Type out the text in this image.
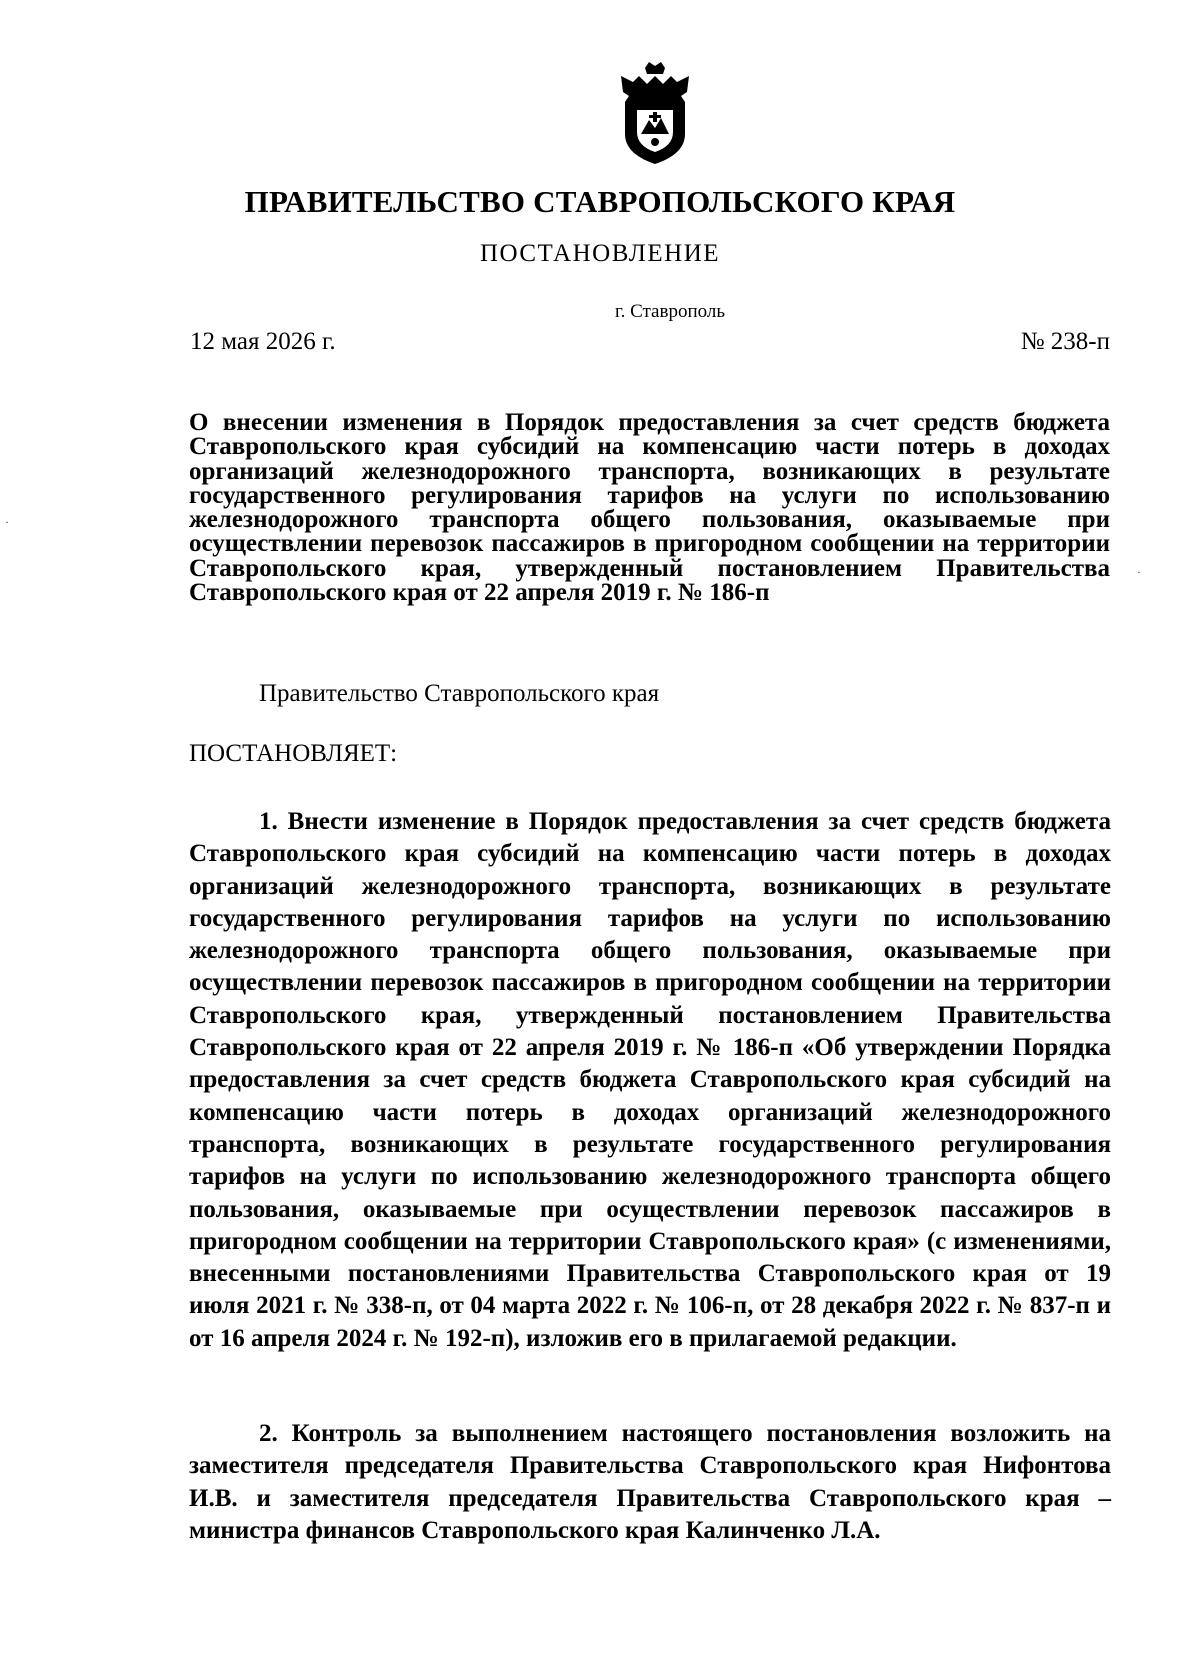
ПРАВИТЕЛЬСТВО СТАВРОПОЛЬСКОГО КРАЯ
ПОСТАНОВЛЕНИЕ
г. Ставрополь
12 мая 2026 г.	№ 238-п
О внесении изменения в Порядок предоставления за счет средств бюджета Ставропольского края субсидий на компенсацию части потерь в доходах организаций железнодорожного транспорта, возникающих в результате государственного регулирования тарифов на услуги по использованию железнодорожного транспорта общего пользования, оказываемые при осуществлении перевозок пассажиров в пригородном сообщении на территории Ставропольского края, утвержденный постановлением Правительства Ставропольского края от 22 апреля 2019 г. № 186-п
Правительство Ставропольского края
ПОСТАНОВЛЯЕТ:

1. Внести изменение в Порядок предоставления за счет средств бюджета Ставропольского края субсидий на компенсацию части потерь в доходах организаций железнодорожного транспорта, возникающих в результате государственного регулирования тарифов на услуги по использованию железнодорожного транспорта общего пользования, оказываемые при осуществлении перевозок пассажиров в пригородном сообщении на территории Ставропольского края, утвержденный постановлением Правительства Ставропольского края от 22 апреля 2019 г. № 186-п «Об утверждении Порядка предоставления за счет средств бюджета Ставропольского края субсидий на компенсацию части потерь в доходах организаций железнодорожного транспорта, возникающих в результате государственного регулирования тарифов на услуги по использованию железнодорожного транспорта общего пользования, оказываемые при осуществлении перевозок пассажиров в пригородном сообщении на территории Ставропольского края» (с изменениями, внесенными постановлениями Правительства Ставропольского края от 19 июля 2021 г. № 338-п, от 04 марта 2022 г. № 106-п, от 28 декабря 2022 г. № 837-п и от 16 апреля 2024 г. № 192-п), изложив его в прилагаемой редакции.

2. Контроль за выполнением настоящего постановления возложить на заместителя председателя Правительства Ставропольского края Нифонтова И.В. и заместителя председателя Правительства Ставропольского края – министра финансов Ставропольского края Калинченко Л.А.

·
·
